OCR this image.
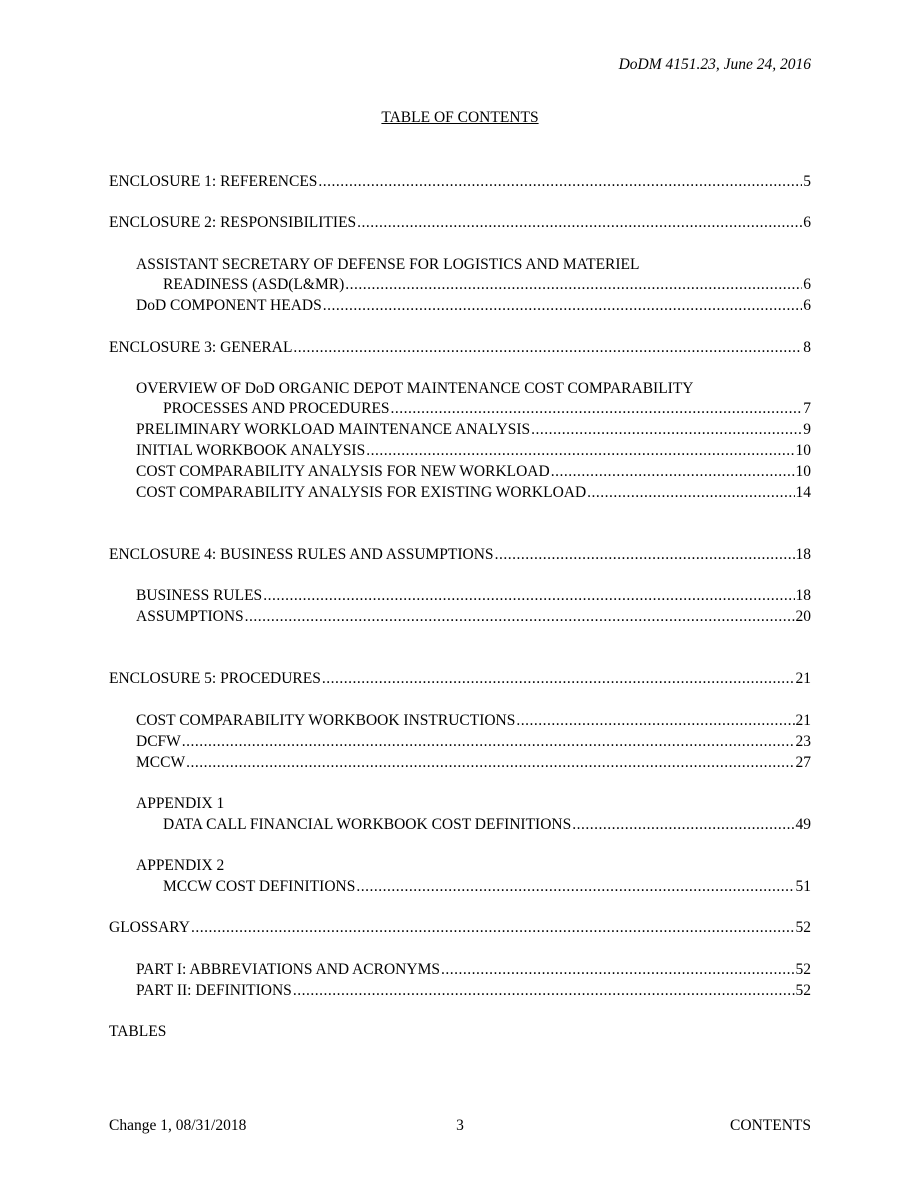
DoDM 4151.23, June 24, 2016
TABLE OF CONTENTS
ENCLOSURE 1: REFERENCES .....	5
ENCLOSURE 2: RESPONSIBILITIES .....	6
ASSISTANT SECRETARY OF DEFENSE FOR LOGISTICS AND MATERIEL
READINESS (ASD(L&MR) .....	6
DoD COMPONENT HEADS .....	6
ENCLOSURE 3: GENERAL .....	8
OVERVIEW OF DoD ORGANIC DEPOT MAINTENANCE COST COMPARABILITY
PROCESSES AND PROCEDURES .....	7
PRELIMINARY WORKLOAD MAINTENANCE ANALYSIS .....	9
INITIAL WORKBOOK ANALYSIS .....	10
COST COMPARABILITY ANALYSIS FOR NEW WORKLOAD .....	10
COST COMPARABILITY ANALYSIS FOR EXISTING WORKLOAD .....	14
ENCLOSURE 4: BUSINESS RULES AND ASSUMPTIONS .....	18
BUSINESS RULES .....	18
ASSUMPTIONS .....	20
ENCLOSURE 5: PROCEDURES .....	21
COST COMPARABILITY WORKBOOK INSTRUCTIONS .....	21
DCFW .....	23
MCCW .....	27
APPENDIX 1
DATA CALL FINANCIAL WORKBOOK COST DEFINITIONS .....	49
APPENDIX 2
MCCW COST DEFINITIONS .....	51
GLOSSARY .....	52
PART I: ABBREVIATIONS AND ACRONYMS .....	52
PART II: DEFINITIONS .....	52
TABLES
Change 1, 08/31/2018	3	CONTENTS
